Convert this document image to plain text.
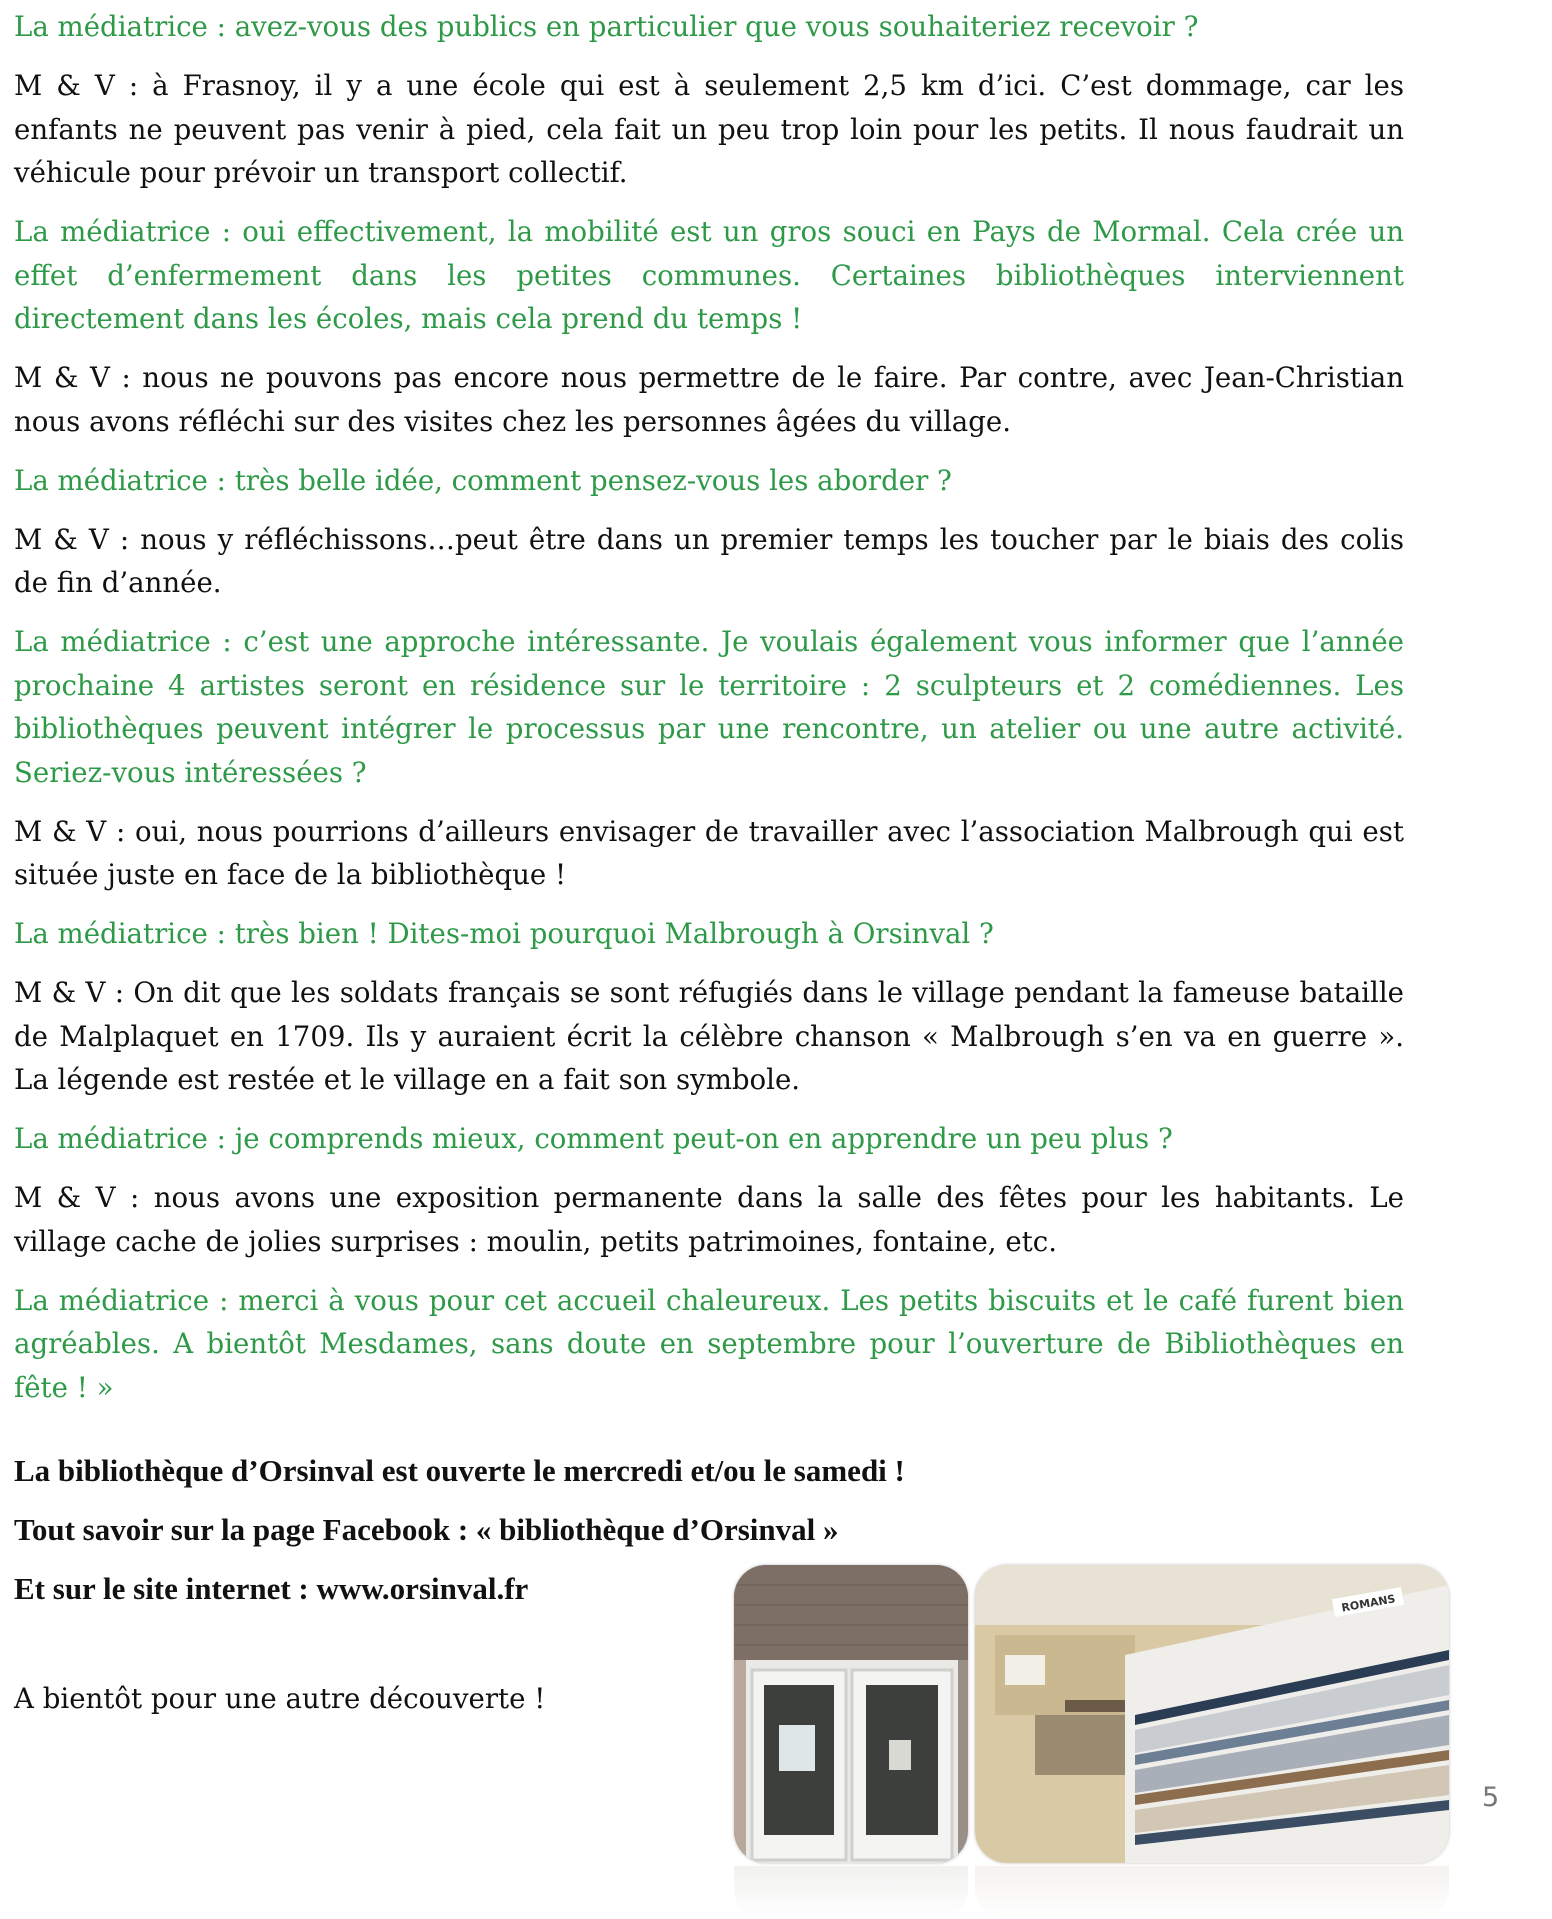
La médiatrice : avez-vous des publics en particulier que vous souhaiteriez recevoir ?

M & V : à Frasnoy, il y a une école qui est à seulement 2,5 km d’ici. C’est dommage, car les enfants ne peuvent pas venir à pied, cela fait un peu trop loin pour les petits. Il nous faudrait un véhicule pour prévoir un transport collectif.

La médiatrice : oui effectivement, la mobilité est un gros souci en Pays de Mormal. Cela crée un effet d’enfermement dans les petites communes. Certaines bibliothèques interviennent directement dans les écoles, mais cela prend du temps !

M & V : nous ne pouvons pas encore nous permettre de le faire. Par contre, avec Jean-Christian nous avons réfléchi sur des visites chez les personnes âgées du village.

La médiatrice : très belle idée, comment pensez-vous les aborder ?

M & V : nous y réfléchissons…peut être dans un premier temps les toucher par le biais des colis de fin d’année.

La médiatrice : c’est une approche intéressante. Je voulais également vous informer que l’année prochaine 4 artistes seront en résidence sur le territoire : 2 sculpteurs et 2 comédiennes. Les bibliothèques peuvent intégrer le processus par une rencontre, un atelier ou une autre activité. Seriez-vous intéressées ?

M & V : oui, nous pourrions d’ailleurs envisager de travailler avec l’association Malbrough qui est située juste en face de la bibliothèque !

La médiatrice : très bien ! Dites-moi pourquoi Malbrough à Orsinval ?

M & V : On dit que les soldats français se sont réfugiés dans le village pendant la fameuse bataille de Malplaquet en 1709. Ils y auraient écrit la célèbre chanson « Malbrough s’en va en guerre ». La légende est restée et le village en a fait son symbole.

La médiatrice : je comprends mieux, comment peut-on en apprendre un peu plus ?

M & V : nous avons une exposition permanente dans la salle des fêtes pour les habitants. Le village cache de jolies surprises : moulin, petits patrimoines, fontaine, etc.

La médiatrice : merci à vous pour cet accueil chaleureux. Les petits biscuits et le café furent bien agréables. A bientôt Mesdames, sans doute en septembre pour l’ouverture de Bibliothèques en fête ! »

La bibliothèque d’Orsinval est ouverte le mercredi et/ou le samedi !

Tout savoir sur la page Facebook : « bibliothèque d’Orsinval »

Et sur le site internet : www.orsinval.fr

A bientôt pour une autre découverte !

ROMANS
5
